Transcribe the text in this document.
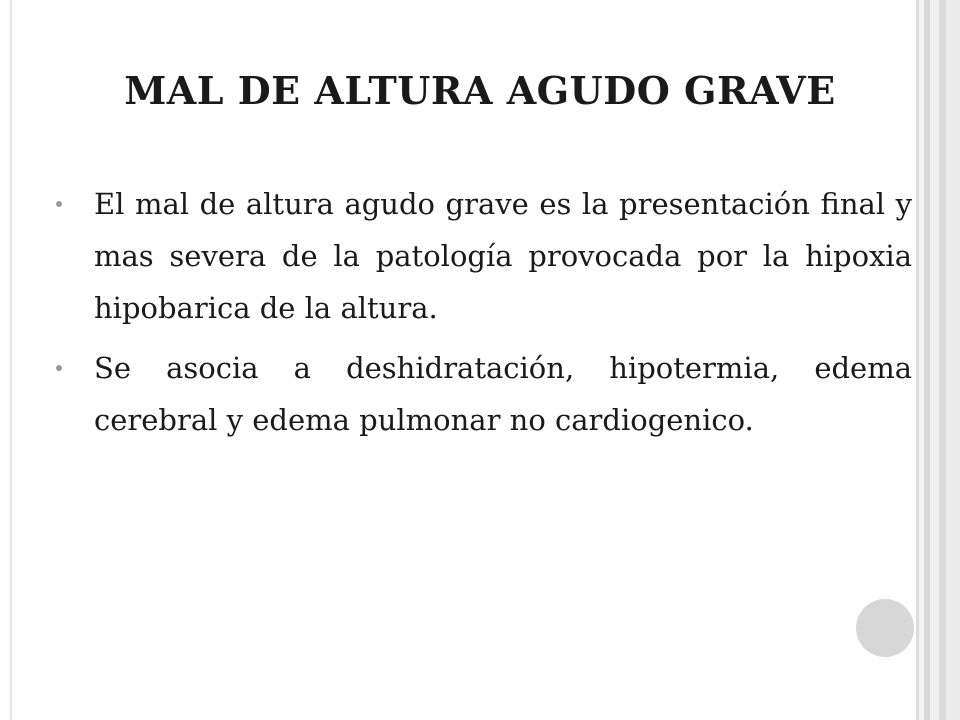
MAL DE ALTURA AGUDO GRAVE

El mal de altura agudo grave es la presentación final y mas severa de la patología provocada por la hipoxia hipobarica de la altura.

Se asocia a deshidratación, hipotermia, edema cerebral y edema pulmonar no cardiogenico.
